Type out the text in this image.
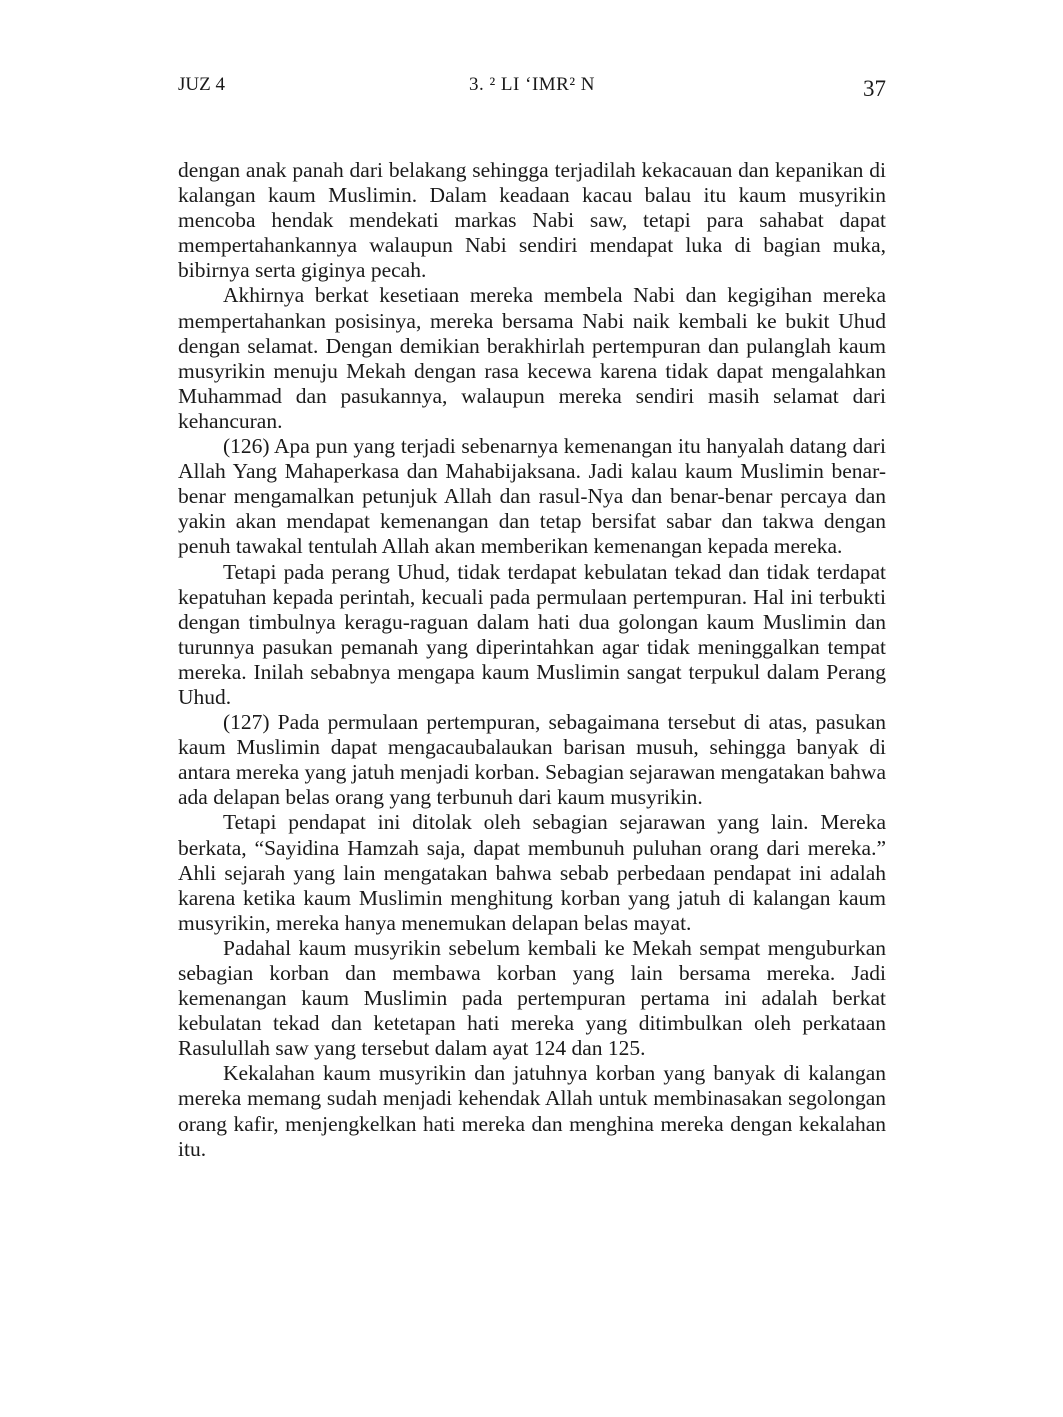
JUZ 4	3. ² LI ‘IMR² N	37

dengan anak panah dari belakang sehingga terjadilah kekacauan dan kepanikan di kalangan kaum Muslimin. Dalam keadaan kacau balau itu kaum musyrikin mencoba hendak mendekati markas Nabi saw, tetapi para sahabat dapat mempertahankannya walaupun Nabi sendiri mendapat luka di bagian muka, bibirnya serta giginya pecah.

Akhirnya berkat kesetiaan mereka membela Nabi dan kegigihan mereka mempertahankan posisinya, mereka bersama Nabi naik kembali ke bukit Uhud dengan selamat. Dengan demikian berakhirlah pertempuran dan pulanglah kaum musyrikin menuju Mekah dengan rasa kecewa karena tidak dapat mengalahkan Muhammad dan pasukannya, walaupun mereka sendiri masih selamat dari kehancuran.

(126) Apa pun yang terjadi sebenarnya kemenangan itu hanyalah datang dari Allah Yang Mahaperkasa dan Mahabijaksana. Jadi kalau kaum Muslimin benar-benar mengamalkan petunjuk Allah dan rasul-Nya dan benar-benar percaya dan yakin akan mendapat kemenangan dan tetap bersifat sabar dan takwa dengan penuh tawakal tentulah Allah akan memberikan kemenangan kepada mereka.

Tetapi pada perang Uhud, tidak terdapat kebulatan tekad dan tidak terdapat kepatuhan kepada perintah, kecuali pada permulaan pertempuran. Hal ini terbukti dengan timbulnya keragu-raguan dalam hati dua golongan kaum Muslimin dan turunnya pasukan pemanah yang diperintahkan agar tidak meninggalkan tempat mereka. Inilah sebabnya mengapa kaum Muslimin sangat terpukul dalam Perang Uhud.

(127) Pada permulaan pertempuran, sebagaimana tersebut di atas, pasukan kaum Muslimin dapat mengacaubalaukan barisan musuh, sehingga banyak di antara mereka yang jatuh menjadi korban. Sebagian sejarawan mengatakan bahwa ada delapan belas orang yang terbunuh dari kaum musyrikin.

Tetapi pendapat ini ditolak oleh sebagian sejarawan yang lain. Mereka berkata, “Sayidina Hamzah saja, dapat membunuh puluhan orang dari mereka.” Ahli sejarah yang lain mengatakan bahwa sebab perbedaan pendapat ini adalah karena ketika kaum Muslimin menghitung korban yang jatuh di kalangan kaum musyrikin, mereka hanya menemukan delapan belas mayat.

Padahal kaum musyrikin sebelum kembali ke Mekah sempat menguburkan sebagian korban dan membawa korban yang lain bersama mereka. Jadi kemenangan kaum Muslimin pada pertempuran pertama ini adalah berkat kebulatan tekad dan ketetapan hati mereka yang ditimbulkan oleh perkataan Rasulullah saw yang tersebut dalam ayat 124 dan 125.

Kekalahan kaum musyrikin dan jatuhnya korban yang banyak di kalangan mereka memang sudah menjadi kehendak Allah untuk membinasakan segolongan orang kafir, menjengkelkan hati mereka dan menghina mereka dengan kekalahan itu.
